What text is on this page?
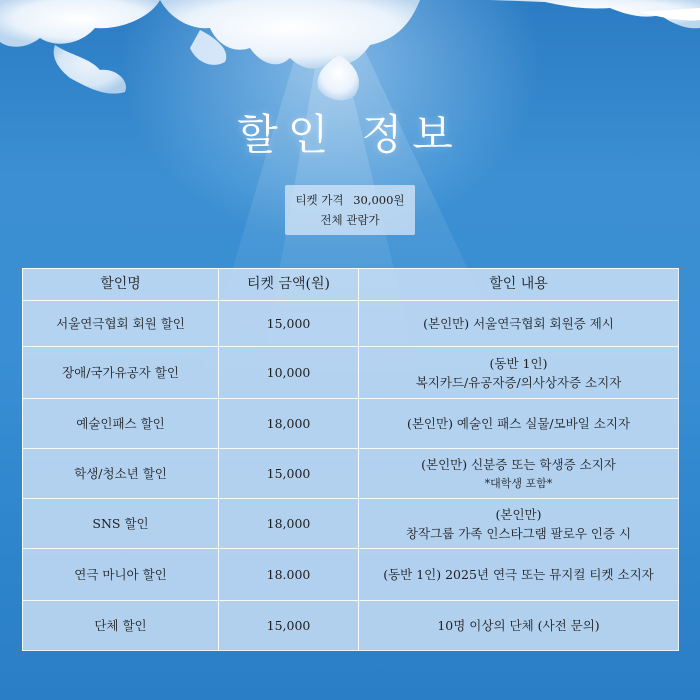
할인 정보
티켓 가격 30,000원
전체 관람가
할인명	티켓 금액(원)	할인 내용
서울연극협회 회원 할인	15,000	(본인만) 서울연극협회 회원증 제시
장애/국가유공자 할인	10,000	(동반 1인)
복지카드/유공자증/의사상자증 소지자

예술인패스 할인	18,000	(본인만) 예술인 패스 실물/모바일 소지자
학생/청소년 할인	15,000	(본인만) 신분증 또는 학생증 소지자
*대학생 포함*

SNS 할인	18,000	(본인만)
창작그룹 가족 인스타그램 팔로우 인증 시

연극 마니아 할인	18.000	(동반 1인) 2025년 연극 또는 뮤지컬 티켓 소지자
단체 할인	15,000	10명 이상의 단체 (사전 문의)
